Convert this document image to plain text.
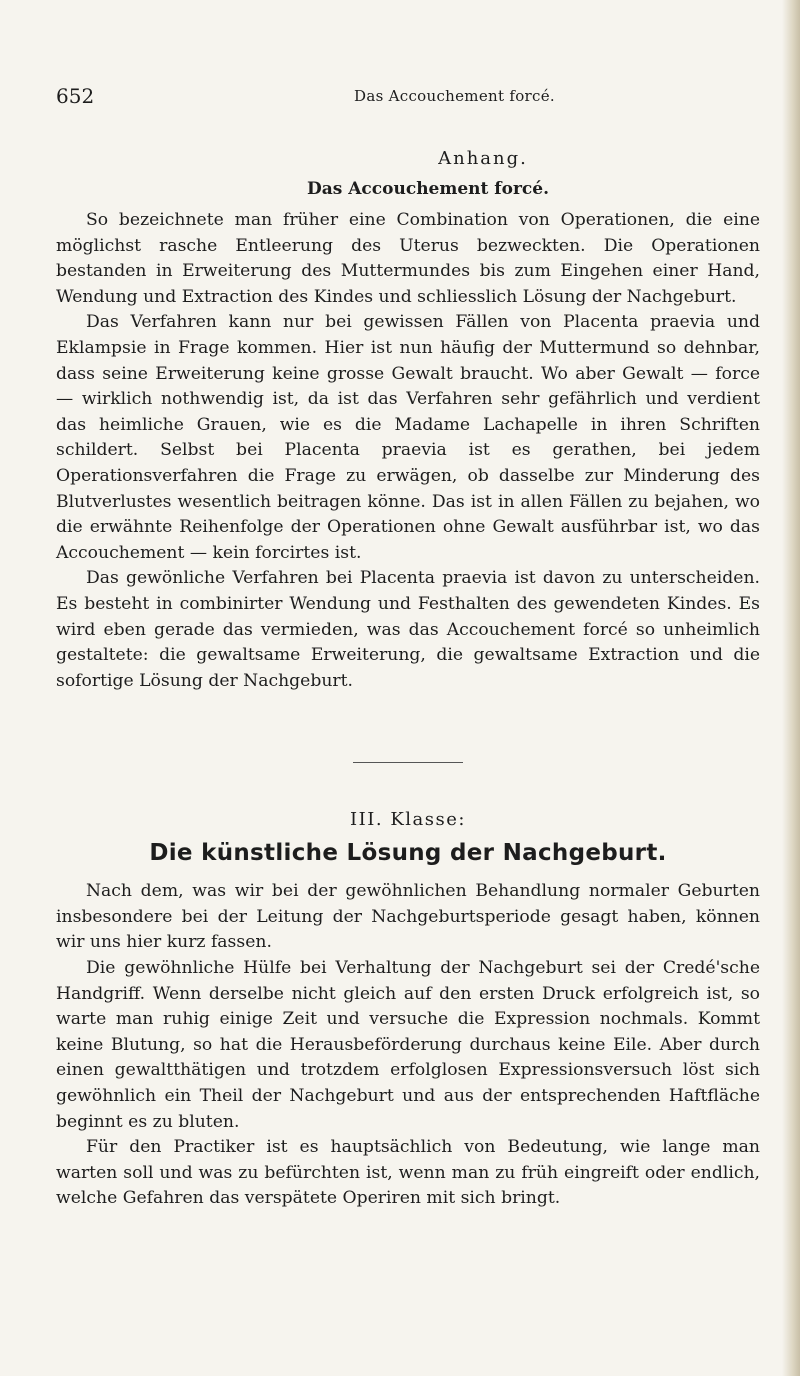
652	Das Accouchement forcé.
Anhang.
Das Accouchement forcé.

So bezeichnete man früher eine Combination von Operationen, die eine möglichst rasche Entleerung des Uterus bezweckten. Die Operationen bestanden in Erweiterung des Muttermundes bis zum Eingehen einer Hand, Wendung und Extraction des Kindes und schliesslich Lösung der Nachgeburt.

Das Verfahren kann nur bei gewissen Fällen von Placenta praevia und Eklampsie in Frage kommen. Hier ist nun häufig der Muttermund so dehnbar, dass seine Erweiterung keine grosse Gewalt braucht. Wo aber Gewalt — force — wirklich nothwendig ist, da ist das Verfahren sehr gefährlich und verdient das heimliche Grauen, wie es die Madame Lachapelle in ihren Schriften schildert. Selbst bei Placenta praevia ist es gerathen, bei jedem Operationsverfahren die Frage zu erwägen, ob dasselbe zur Minderung des Blutverlustes wesentlich beitragen könne. Das ist in allen Fällen zu bejahen, wo die erwähnte Reihenfolge der Operationen ohne Gewalt ausführbar ist, wo das Accouchement — kein forcirtes ist.

Das gewönliche Verfahren bei Placenta praevia ist davon zu unterscheiden. Es besteht in combinirter Wendung und Festhalten des gewendeten Kindes. Es wird eben gerade das vermieden, was das Accouchement forcé so unheimlich gestaltete: die gewaltsame Erweiterung, die gewaltsame Extraction und die sofortige Lösung der Nachgeburt.

III. Klasse:
Die künstliche Lösung der Nachgeburt.

Nach dem, was wir bei der gewöhnlichen Behandlung normaler Geburten insbesondere bei der Leitung der Nachgeburtsperiode gesagt haben, können wir uns hier kurz fassen.

Die gewöhnliche Hülfe bei Verhaltung der Nachgeburt sei der Credé'sche Handgriff. Wenn derselbe nicht gleich auf den ersten Druck erfolgreich ist, so warte man ruhig einige Zeit und versuche die Expression nochmals. Kommt keine Blutung, so hat die Herausbeförderung durchaus keine Eile. Aber durch einen gewaltthätigen und trotzdem erfolglosen Expressionsversuch löst sich gewöhnlich ein Theil der Nachgeburt und aus der entsprechenden Haftfläche beginnt es zu bluten.

Für den Practiker ist es hauptsächlich von Bedeutung, wie lange man warten soll und was zu befürchten ist, wenn man zu früh eingreift oder endlich, welche Gefahren das verspätete Operiren mit sich bringt.
